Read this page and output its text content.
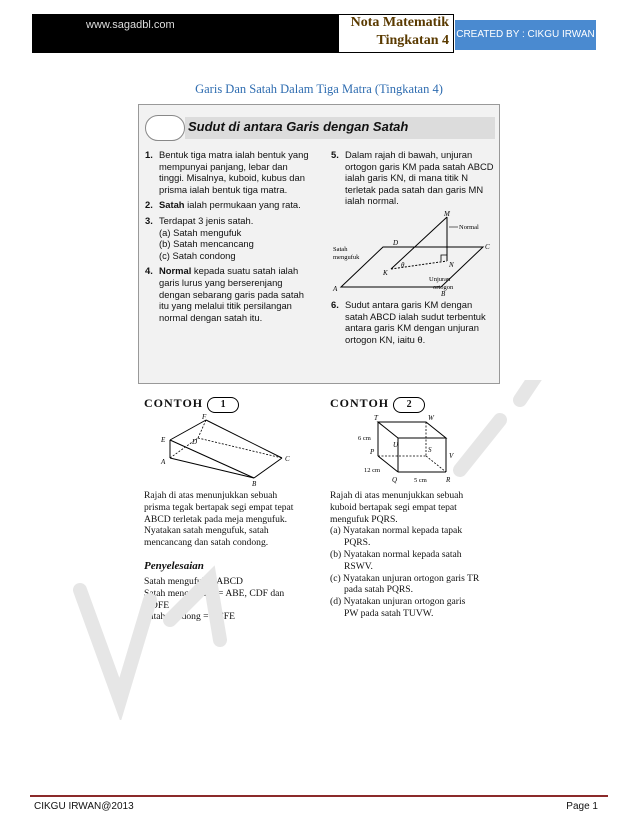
www.sagadbl.com	Nota Matematik
Tingkatan 4 CREATED BY : CIKGU IRWAN
Garis Dan Satah Dalam Tiga Matra (Tingkatan 4)
Sudut di antara Garis dengan Satah
1. Bentuk tiga matra ialah bentuk yang mempunyai panjang, lebar dan tinggi. Misalnya, kuboid, kubus dan prisma ialah bentuk tiga matra.
2. Satah ialah permukaan yang rata.
3. Terdapat 3 jenis satah.
(a) Satah mengufuk
(b) Satah mencancang
(c) Satah condong
4. Normal kepada suatu satah ialah garis lurus yang berserenjang dengan sebarang garis pada satah itu yang melalui titik persilangan normal dengan satah itu.
5. Dalam rajah di bawah, unjuran ortogon garis KM pada satah ABCD ialah garis KN, di mana titik N terletak pada satah dan garis MN ialah normal.
M
D	C
A
B
K
N
θ
Satah
mengufuk
Normal
Unjuran
ortogon
6. Sudut antara garis KM dengan satah ABCD ialah sudut terbentuk antara garis KM dengan unjuran ortogon KN, iaitu θ.
CONTOH 1
F
E	D
C
A
B
Rajah di atas menunjukkan sebuah
prisma tegak bertapak segi empat tepat
ABCD terletak pada meja mengufuk.
Nyatakan satah mengufuk, satah
mencancang dan satah condong.
Penyelesaian
Satah mengufuk = ABCD
Satah mencancang = ABE, CDF dan
ADFE
Satah condong = BCFE
CONTOH 2
T	W
S
U
P	V
Q	R
6 cm
12 cm
5 cm
Rajah di atas menunjukkan sebuah
kuboid bertapak segi empat tepat
mengufuk PQRS.
(a) Nyatakan normal kepada tapak
PQRS.
(b) Nyatakan normal kepada satah
RSWV.
(c) Nyatakan unjuran ortogon garis TR
pada satah PQRS.
(d) Nyatakan unjuran ortogon garis
PW pada satah TUVW.
CIKGU IRWAN@2013	Page 1
